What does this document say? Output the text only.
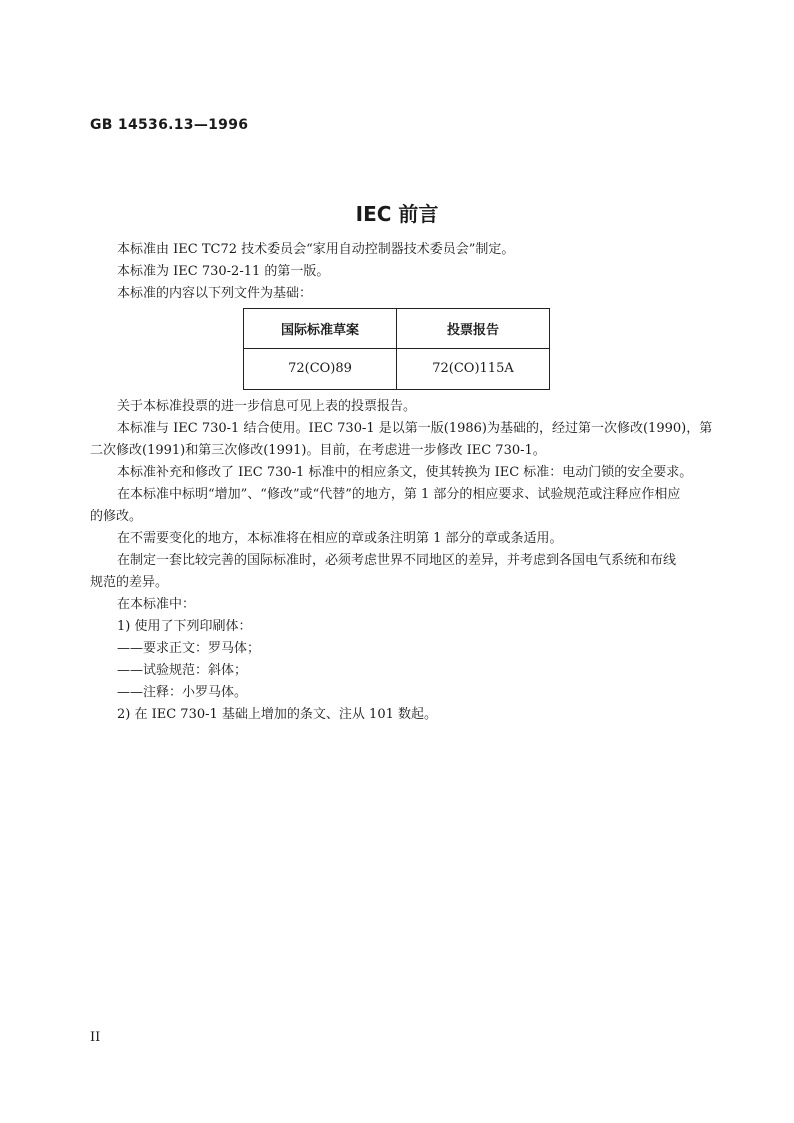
GB 14536.13—1996
IEC 前言
本标准由 IEC TC72 技术委员会“家用自动控制器技术委员会”制定。
本标准为 IEC 730-2-11 的第一版。
本标准的内容以下列文件为基础：
国际标准草案	投票报告
72(CO)89	72(CO)115A
关于本标准投票的进一步信息可见上表的投票报告。
本标准与 IEC 730-1 结合使用。IEC 730-1 是以第一版(1986)为基础的，经过第一次修改(1990)，第
二次修改(1991)和第三次修改(1991)。目前，在考虑进一步修改 IEC 730-1。
本标准补充和修改了 IEC 730-1 标准中的相应条文，使其转换为 IEC 标准：电动门锁的安全要求。
在本标准中标明“增加”、“修改”或“代替”的地方，第 1 部分的相应要求、试验规范或注释应作相应
的修改。
在不需要变化的地方，本标准将在相应的章或条注明第 1 部分的章或条适用。
在制定一套比较完善的国际标准时，必须考虑世界不同地区的差异，并考虑到各国电气系统和布线
规范的差异。
在本标准中：
1) 使用了下列印刷体：
——要求正文：罗马体；
——试验规范：斜体；
——注释：小罗马体。
2) 在 IEC 730-1 基础上增加的条文、注从 101 数起。
II
